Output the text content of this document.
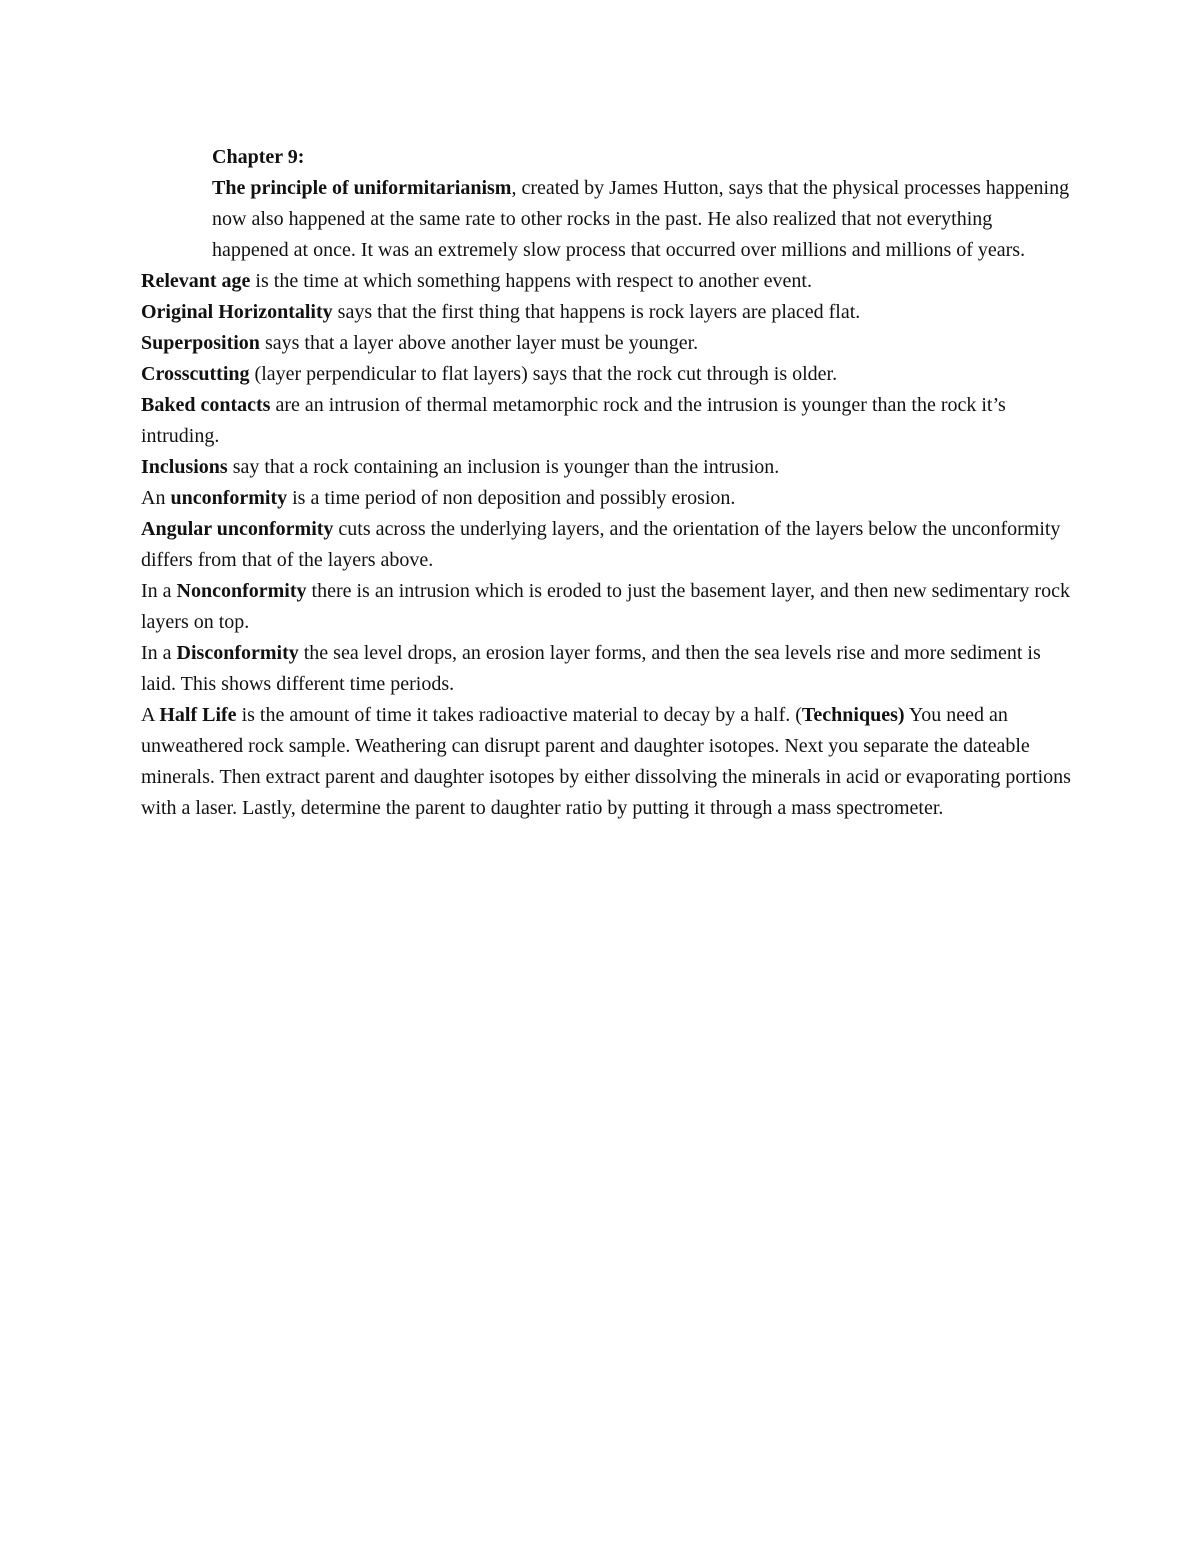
Chapter 9:

The principle of uniformitarianism, created by James Hutton, says that the physical processes happening now also happened at the same rate to other rocks in the past. He also realized that not everything happened at once. It was an extremely slow process that occurred over millions and millions of years.

Relevant age is the time at which something happens with respect to another event.

Original Horizontality says that the first thing that happens is rock layers are placed flat.

Superposition says that a layer above another layer must be younger.

Crosscutting (layer perpendicular to flat layers) says that the rock cut through is older.

Baked contacts are an intrusion of thermal metamorphic rock and the intrusion is younger than the rock it’s intruding.

Inclusions say that a rock containing an inclusion is younger than the intrusion.

An unconformity is a time period of non deposition and possibly erosion.

Angular unconformity cuts across the underlying layers, and the orientation of the layers below the unconformity differs from that of the layers above.

In a Nonconformity there is an intrusion which is eroded to just the basement layer, and then new sedimentary rock layers on top.

In a Disconformity the sea level drops, an erosion layer forms, and then the sea levels rise and more sediment is laid. This shows different time periods.

A Half Life is the amount of time it takes radioactive material to decay by a half. (Techniques) You need an unweathered rock sample. Weathering can disrupt parent and daughter isotopes. Next you separate the dateable minerals. Then extract parent and daughter isotopes by either dissolving the minerals in acid or evaporating portions with a laser. Lastly, determine the parent to daughter ratio by putting it through a mass spectrometer.
